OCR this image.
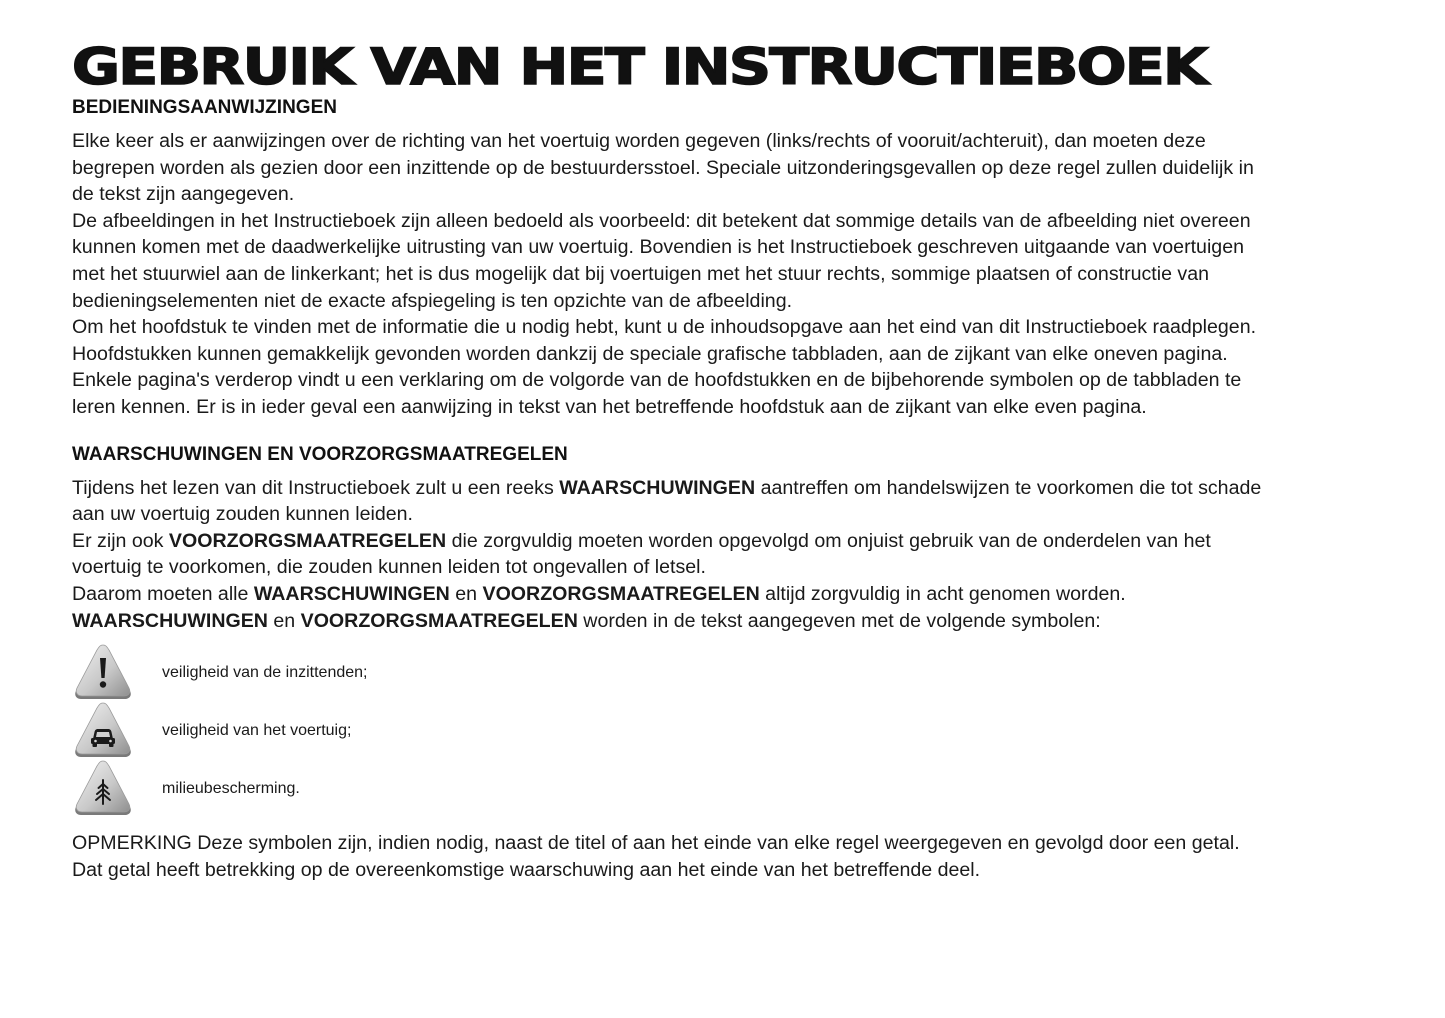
GEBRUIK VAN HET INSTRUCTIEBOEK
BEDIENINGSAANWIJZINGEN

Elke keer als er aanwijzingen over de richting van het voertuig worden gegeven (links/rechts of vooruit/achteruit), dan moeten deze begrepen worden als gezien door een inzittende op de bestuurdersstoel. Speciale uitzonderingsgevallen op deze regel zullen duidelijk in de tekst zijn aangegeven.

De afbeeldingen in het Instructieboek zijn alleen bedoeld als voorbeeld: dit betekent dat sommige details van de afbeelding niet overeen kunnen komen met de daadwerkelijke uitrusting van uw voertuig. Bovendien is het Instructieboek geschreven uitgaande van voertuigen met het stuurwiel aan de linkerkant; het is dus mogelijk dat bij voertuigen met het stuur rechts, sommige plaatsen of constructie van bedieningselementen niet de exacte afspiegeling is ten opzichte van de afbeelding.

Om het hoofdstuk te vinden met de informatie die u nodig hebt, kunt u de inhoudsopgave aan het eind van dit Instructieboek raadplegen.

Hoofdstukken kunnen gemakkelijk gevonden worden dankzij de speciale grafische tabbladen, aan de zijkant van elke oneven pagina. Enkele pagina's verderop vindt u een verklaring om de volgorde van de hoofdstukken en de bijbehorende symbolen op de tabbladen te leren kennen. Er is in ieder geval een aanwijzing in tekst van het betreffende hoofdstuk aan de zijkant van elke even pagina.

WAARSCHUWINGEN EN VOORZORGSMAATREGELEN

Tijdens het lezen van dit Instructieboek zult u een reeks WAARSCHUWINGEN aantreffen om handelswijzen te voorkomen die tot schade aan uw voertuig zouden kunnen leiden.

Er zijn ook VOORZORGSMAATREGELEN die zorgvuldig moeten worden opgevolgd om onjuist gebruik van de onderdelen van het voertuig te voorkomen, die zouden kunnen leiden tot ongevallen of letsel.

Daarom moeten alle WAARSCHUWINGEN en VOORZORGSMAATREGELEN altijd zorgvuldig in acht genomen worden.

WAARSCHUWINGEN en VOORZORGSMAATREGELEN worden in de tekst aangegeven met de volgende symbolen:

veiligheid van de inzittenden;
veiligheid van het voertuig;
milieubescherming.

OPMERKING Deze symbolen zijn, indien nodig, naast de titel of aan het einde van elke regel weergegeven en gevolgd door een getal. Dat getal heeft betrekking op de overeenkomstige waarschuwing aan het einde van het betreffende deel.
